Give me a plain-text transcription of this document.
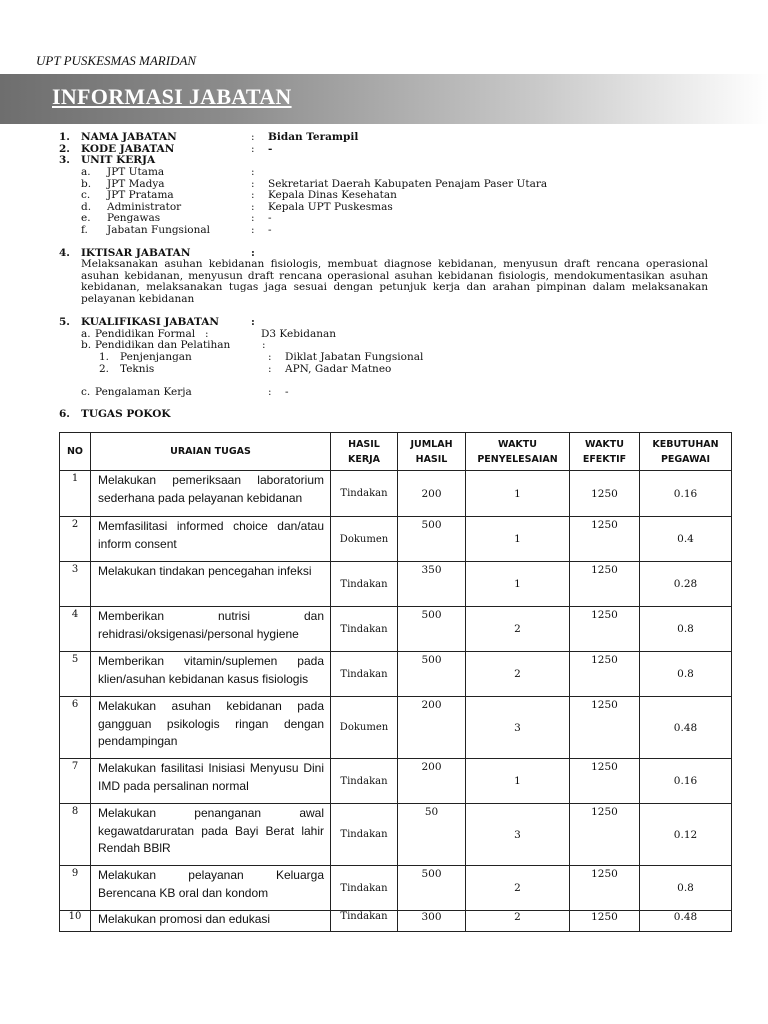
UPT PUSKESMAS MARIDAN
INFORMASI JABATAN
1. NAMA JABATAN	: Bidan Terampil
2. KODE JABATAN	: -
3. UNIT KERJA
a. JPT Utama	:
b. JPT Madya	: Sekretariat Daerah Kabupaten Penajam Paser Utara
c. JPT Pratama	: Kepala Dinas Kesehatan
d. Administrator	: Kepala UPT Puskesmas
e. Pengawas	: -
f. Jabatan Fungsional	: -
4. IKTISAR JABATAN	:
Melaksanakan asuhan kebidanan fisiologis, membuat diagnose kebidanan, menyusun draft rencana operasional asuhan kebidanan, menyusun draft rencana operasional asuhan kebidanan fisiologis, mendokumentasikan asuhan kebidanan, melaksanakan tugas jaga sesuai dengan petunjuk kerja dan arahan pimpinan dalam melaksanakan pelayanan kebidanan
5. KUALIFIKASI JABATAN	:
a. Pendidikan Formal :	D3 Kebidanan
b. Pendidikan dan Pelatihan	:
1. Penjenjangan	: Diklat Jabatan Fungsional
2. Teknis	: APN, Gadar Matneo
c. Pengalaman Kerja	: -
6. TUGAS POKOK
NO	URAIAN TUGAS	HASIL KERJA	JUMLAH HASIL	WAKTU PENYELESAIAN	WAKTU EFEKTIF	KEBUTUHAN PEGAWAI
1	Melakukan pemeriksaan laboratorium sederhana pada pelayanan kebidanan	Tindakan	200	1	1250	0.16
2	Memfasilitasi informed choice dan/atau inform consent	Dokumen	500	1	1250	0.4
3	Melakukan tindakan pencegahan infeksi	Tindakan	350	1	1250	0.28
4	Memberikan nutrisi dan rehidrasi/oksigenasi/personal hygiene	Tindakan	500	2	1250	0.8
5	Memberikan vitamin/suplemen pada klien/asuhan kebidanan kasus fisiologis	Tindakan	500	2	1250	0.8
6	Melakukan asuhan kebidanan pada gangguan psikologis ringan dengan pendampingan	Dokumen	200	3	1250	0.48
7	Melakukan fasilitasi Inisiasi Menyusu Dini IMD pada persalinan normal	Tindakan	200	1	1250	0.16
8	Melakukan penanganan awal kegawatdaruratan pada Bayi Berat lahir Rendah BBlR	Tindakan	50	3	1250	0.12
9	Melakukan pelayanan Keluarga Berencana KB oral dan kondom	Tindakan	500	2	1250	0.8
10	Melakukan promosi dan edukasi	Tindakan	300	2	1250	0.48
